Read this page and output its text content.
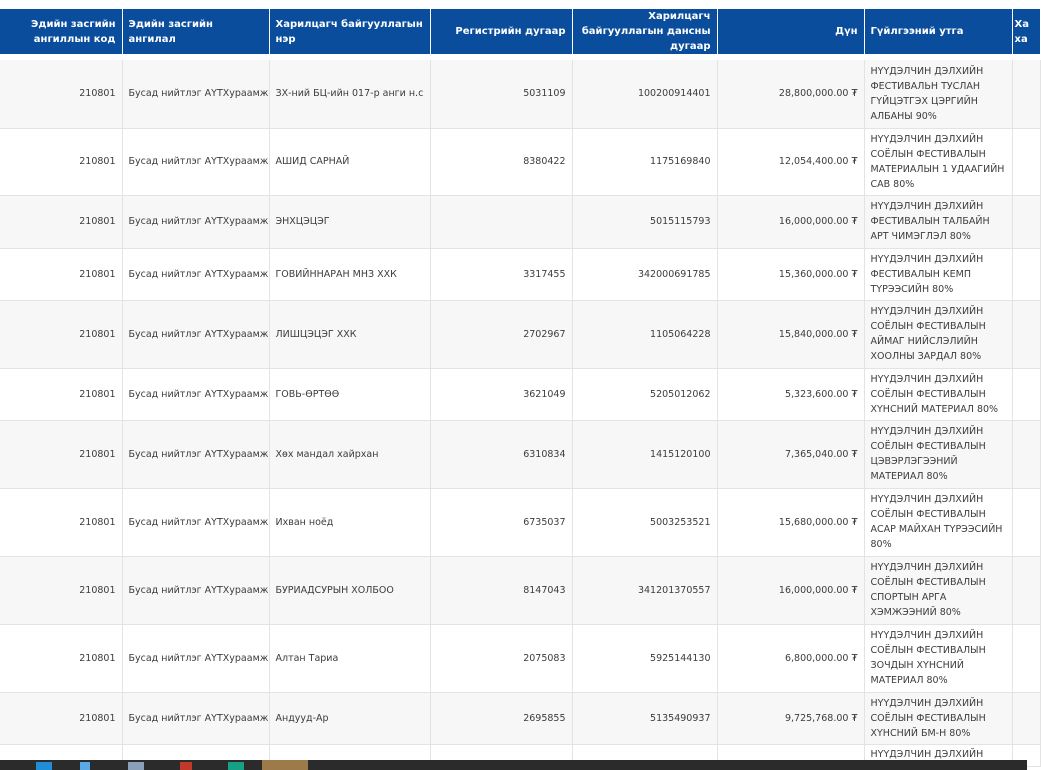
Эдийн засгийн ангиллын код	Эдийн засгийн ангилал	Харилцагч байгууллагын нэр	Регистрийн дугаар	Харилцагч байгууллагын дансны дугаар	Дүн	Гүйлгээний утга	Ха ха

210801	Бусад нийтлэг АҮТХураамж	ЗХ-ний БЦ-ийн 017-р анги н.с	5031109	100200914401	28,800,000.00 ₮	НҮҮДЭЛЧИН ДЭЛХИЙН ФЕСТИВАЛЬН ТУСЛАН ГҮЙЦЭТГЭХ ЦЭРГИЙН АЛБАНЫ 90%	
210801	Бусад нийтлэг АҮТХураамж	АШИД САРНАЙ	8380422	1175169840	12,054,400.00 ₮	НҮҮДЭЛЧИН ДЭЛХИЙН СОЁЛЫН ФЕСТИВАЛЫН МАТЕРИАЛЫН 1 УДААГИЙН САВ 80%	
210801	Бусад нийтлэг АҮТХураамж	ЭНХЦЭЦЭГ		5015115793	16,000,000.00 ₮	НҮҮДЭЛЧИН ДЭЛХИЙН ФЕСТИВАЛЫН ТАЛБАЙН АРТ ЧИМЭГЛЭЛ 80%	
210801	Бусад нийтлэг АҮТХураамж	ГОВИЙННАРАН МНЗ ХХК	3317455	342000691785	15,360,000.00 ₮	НҮҮДЭЛЧИН ДЭЛХИЙН ФЕСТИВАЛЫН КЕМП ТҮРЭЭСИЙН 80%	
210801	Бусад нийтлэг АҮТХураамж	ЛИШЦЭЦЭГ ХХК	2702967	1105064228	15,840,000.00 ₮	НҮҮДЭЛЧИН ДЭЛХИЙН СОЁЛЫН ФЕСТИВАЛЫН АЙМАГ НИЙСЛЭЛИЙН ХООЛНЫ ЗАРДАЛ 80%	
210801	Бусад нийтлэг АҮТХураамж	ГОВЬ-ӨРТӨӨ	3621049	5205012062	5,323,600.00 ₮	НҮҮДЭЛЧИН ДЭЛХИЙН СОЁЛЫН ФЕСТИВАЛЫН ХҮНСНИЙ МАТЕРИАЛ 80%	
210801	Бусад нийтлэг АҮТХураамж	Хөх мандал хайрхан	6310834	1415120100	7,365,040.00 ₮	НҮҮДЭЛЧИН ДЭЛХИЙН СОЁЛЫН ФЕСТИВАЛЫН ЦЭВЭРЛЭГЭЭНИЙ МАТЕРИАЛ 80%	
210801	Бусад нийтлэг АҮТХураамж	Ихван ноёд	6735037	5003253521	15,680,000.00 ₮	НҮҮДЭЛЧИН ДЭЛХИЙН СОЁЛЫН ФЕСТИВАЛЫН АСАР МАЙХАН ТҮРЭЭСИЙН 80%	
210801	Бусад нийтлэг АҮТХураамж	БУРИАДСУРЫН ХОЛБОО	8147043	341201370557	16,000,000.00 ₮	НҮҮДЭЛЧИН ДЭЛХИЙН СОЁЛЫН ФЕСТИВАЛЫН СПОРТЫН АРГА ХЭМЖЭЭНИЙ 80%	
210801	Бусад нийтлэг АҮТХураамж	Алтан Тариа	2075083	5925144130	6,800,000.00 ₮	НҮҮДЭЛЧИН ДЭЛХИЙН СОЁЛЫН ФЕСТИВАЛЫН ЗОЧДЫН ХҮНСНИЙ МАТЕРИАЛ 80%	
210801	Бусад нийтлэг АҮТХураамж	Андууд-Ар	2695855	5135490937	9,725,768.00 ₮	НҮҮДЭЛЧИН ДЭЛХИЙН СОЁЛЫН ФЕСТИВАЛЫН ХҮНСНИЙ БМ-Н 80%	
						НҮҮДЭЛЧИН ДЭЛХИЙН	
